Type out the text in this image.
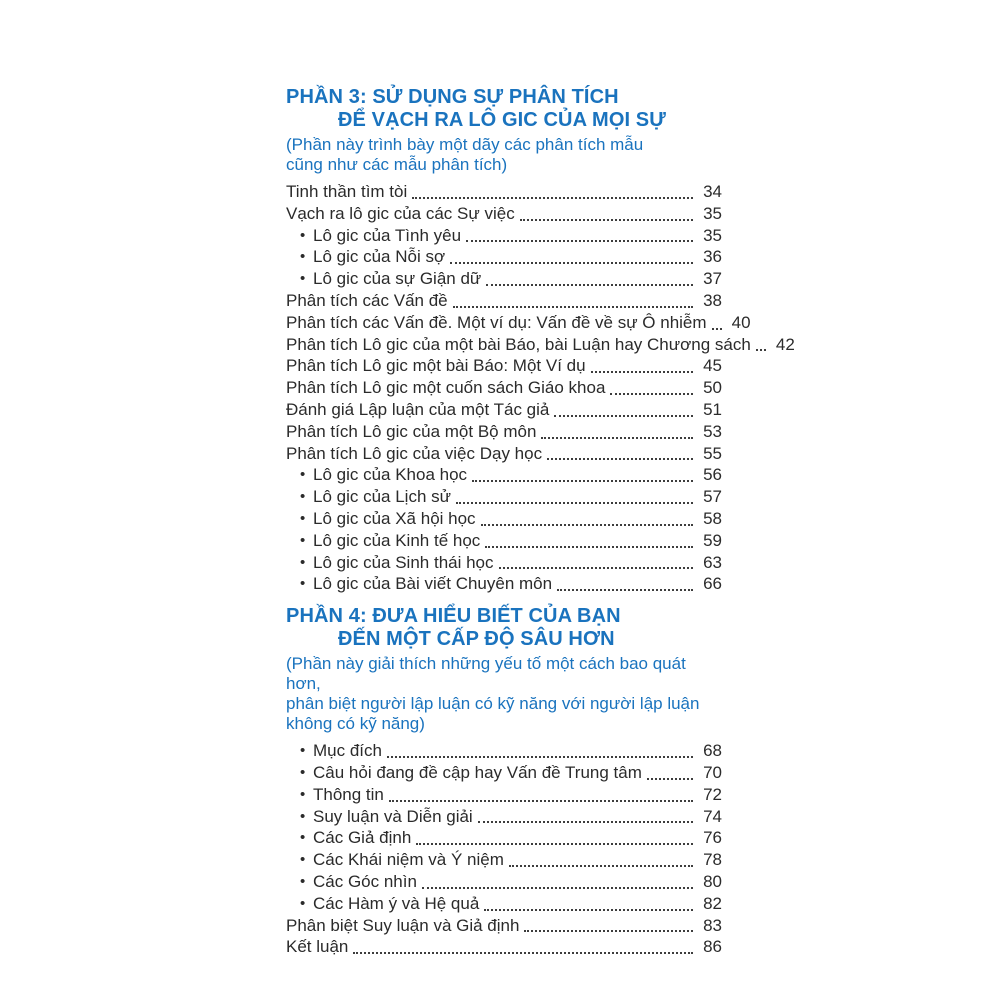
PHẦN 3: SỬ DỤNG SỰ PHÂN TÍCH
ĐỂ VẠCH RA LÔ GIC CỦA MỌI SỰ
(Phần này trình bày một dãy các phân tích mẫu
cũng như các mẫu phân tích)
Tinh thần tìm tòi	34
Vạch ra lô gic của các Sự việc	35
• Lô gic của Tình yêu	35
• Lô gic của Nỗi sợ	36
• Lô gic của sự Giận dữ	37
Phân tích các Vấn đề	38
Phân tích các Vấn đề. Một ví dụ: Vấn đề về sự Ô nhiễm	40
Phân tích Lô gic của một bài Báo, bài Luận hay Chương sách	42
Phân tích Lô gic một bài Báo: Một Ví dụ	45
Phân tích Lô gic một cuốn sách Giáo khoa	50
Đánh giá Lập luận của một Tác giả	51
Phân tích Lô gic của một Bộ môn	53
Phân tích Lô gic của việc Dạy học	55
• Lô gic của Khoa học	56
• Lô gic của Lịch sử	57
• Lô gic của Xã hội học	58
• Lô gic của Kinh tế học	59
• Lô gic của Sinh thái học	63
• Lô gic của Bài viết Chuyên môn	66
PHẦN 4: ĐƯA HIỂU BIẾT CỦA BẠN
ĐẾN MỘT CẤP ĐỘ SÂU HƠN
(Phần này giải thích những yếu tố một cách bao quát hơn,
phân biệt người lập luận có kỹ năng với người lập luận
không có kỹ năng)
• Mục đích	68
• Câu hỏi đang đề cập hay Vấn đề Trung tâm	70
• Thông tin	72
• Suy luận và Diễn giải	74
• Các Giả định	76
• Các Khái niệm và Ý niệm	78
• Các Góc nhìn	80
• Các Hàm ý và Hệ quả	82
Phân biệt Suy luận và Giả định	83
Kết luận	86
